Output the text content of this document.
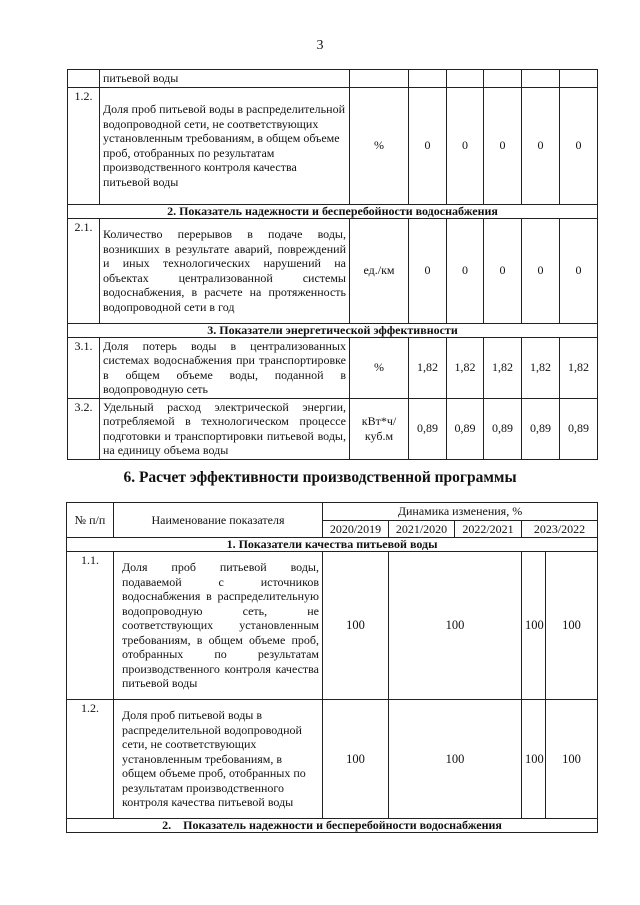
3
	питьевой воды						
1.2.	Доля проб питьевой воды в распределительной водопроводной сети, не соответствующих установленным требованиям, в общем объеме проб, отобранных по результатам производственного контроля качества питьевой воды	%	0	0	0	0	0
2. Показатель надежности и бесперебойности водоснабжения							
2.1.	Количество перерывов в подаче воды, возникших в результате аварий, повреждений и иных технологических нарушений на объектах централизованной системы водоснабжения, в расчете на протяженность водопроводной сети в год	ед./км	0	0	0	0	0
3. Показатели энергетической эффективности							
3.1.	Доля потерь воды в централизованных системах водоснабжения при транспортировке в общем объеме воды, поданной в водопроводную сеть	%	1,82	1,82	1,82	1,82	1,82
3.2.	Удельный расход электрической энергии, потребляемой в технологическом процессе подготовки и транспортировки питьевой воды, на единицу объема воды	кВт*ч/ куб.м	0,89	0,89	0,89	0,89	0,89
6. Расчет эффективности производственной программы
№ п/п	Наименование показателя	Динамика изменения, %				
		2020/2019	2021/2020	2022/2021	2023/2022	
1. Показатели качества питьевой воды						
1.1.	Доля проб питьевой воды, подаваемой с источников водоснабжения в распределительную водопроводную сеть, не соответствующих установленным требованиям, в общем объеме проб, отобранных по результатам производственного контроля качества питьевой воды	100	100		100	100
1.2.	Доля проб питьевой воды в распределительной водопроводной сети, не соответствующих установленным требованиям, в общем объеме проб, отобранных по результатам производственного контроля качества питьевой воды	100	100		100	100
2.    Показатель надежности и бесперебойности водоснабжения						
